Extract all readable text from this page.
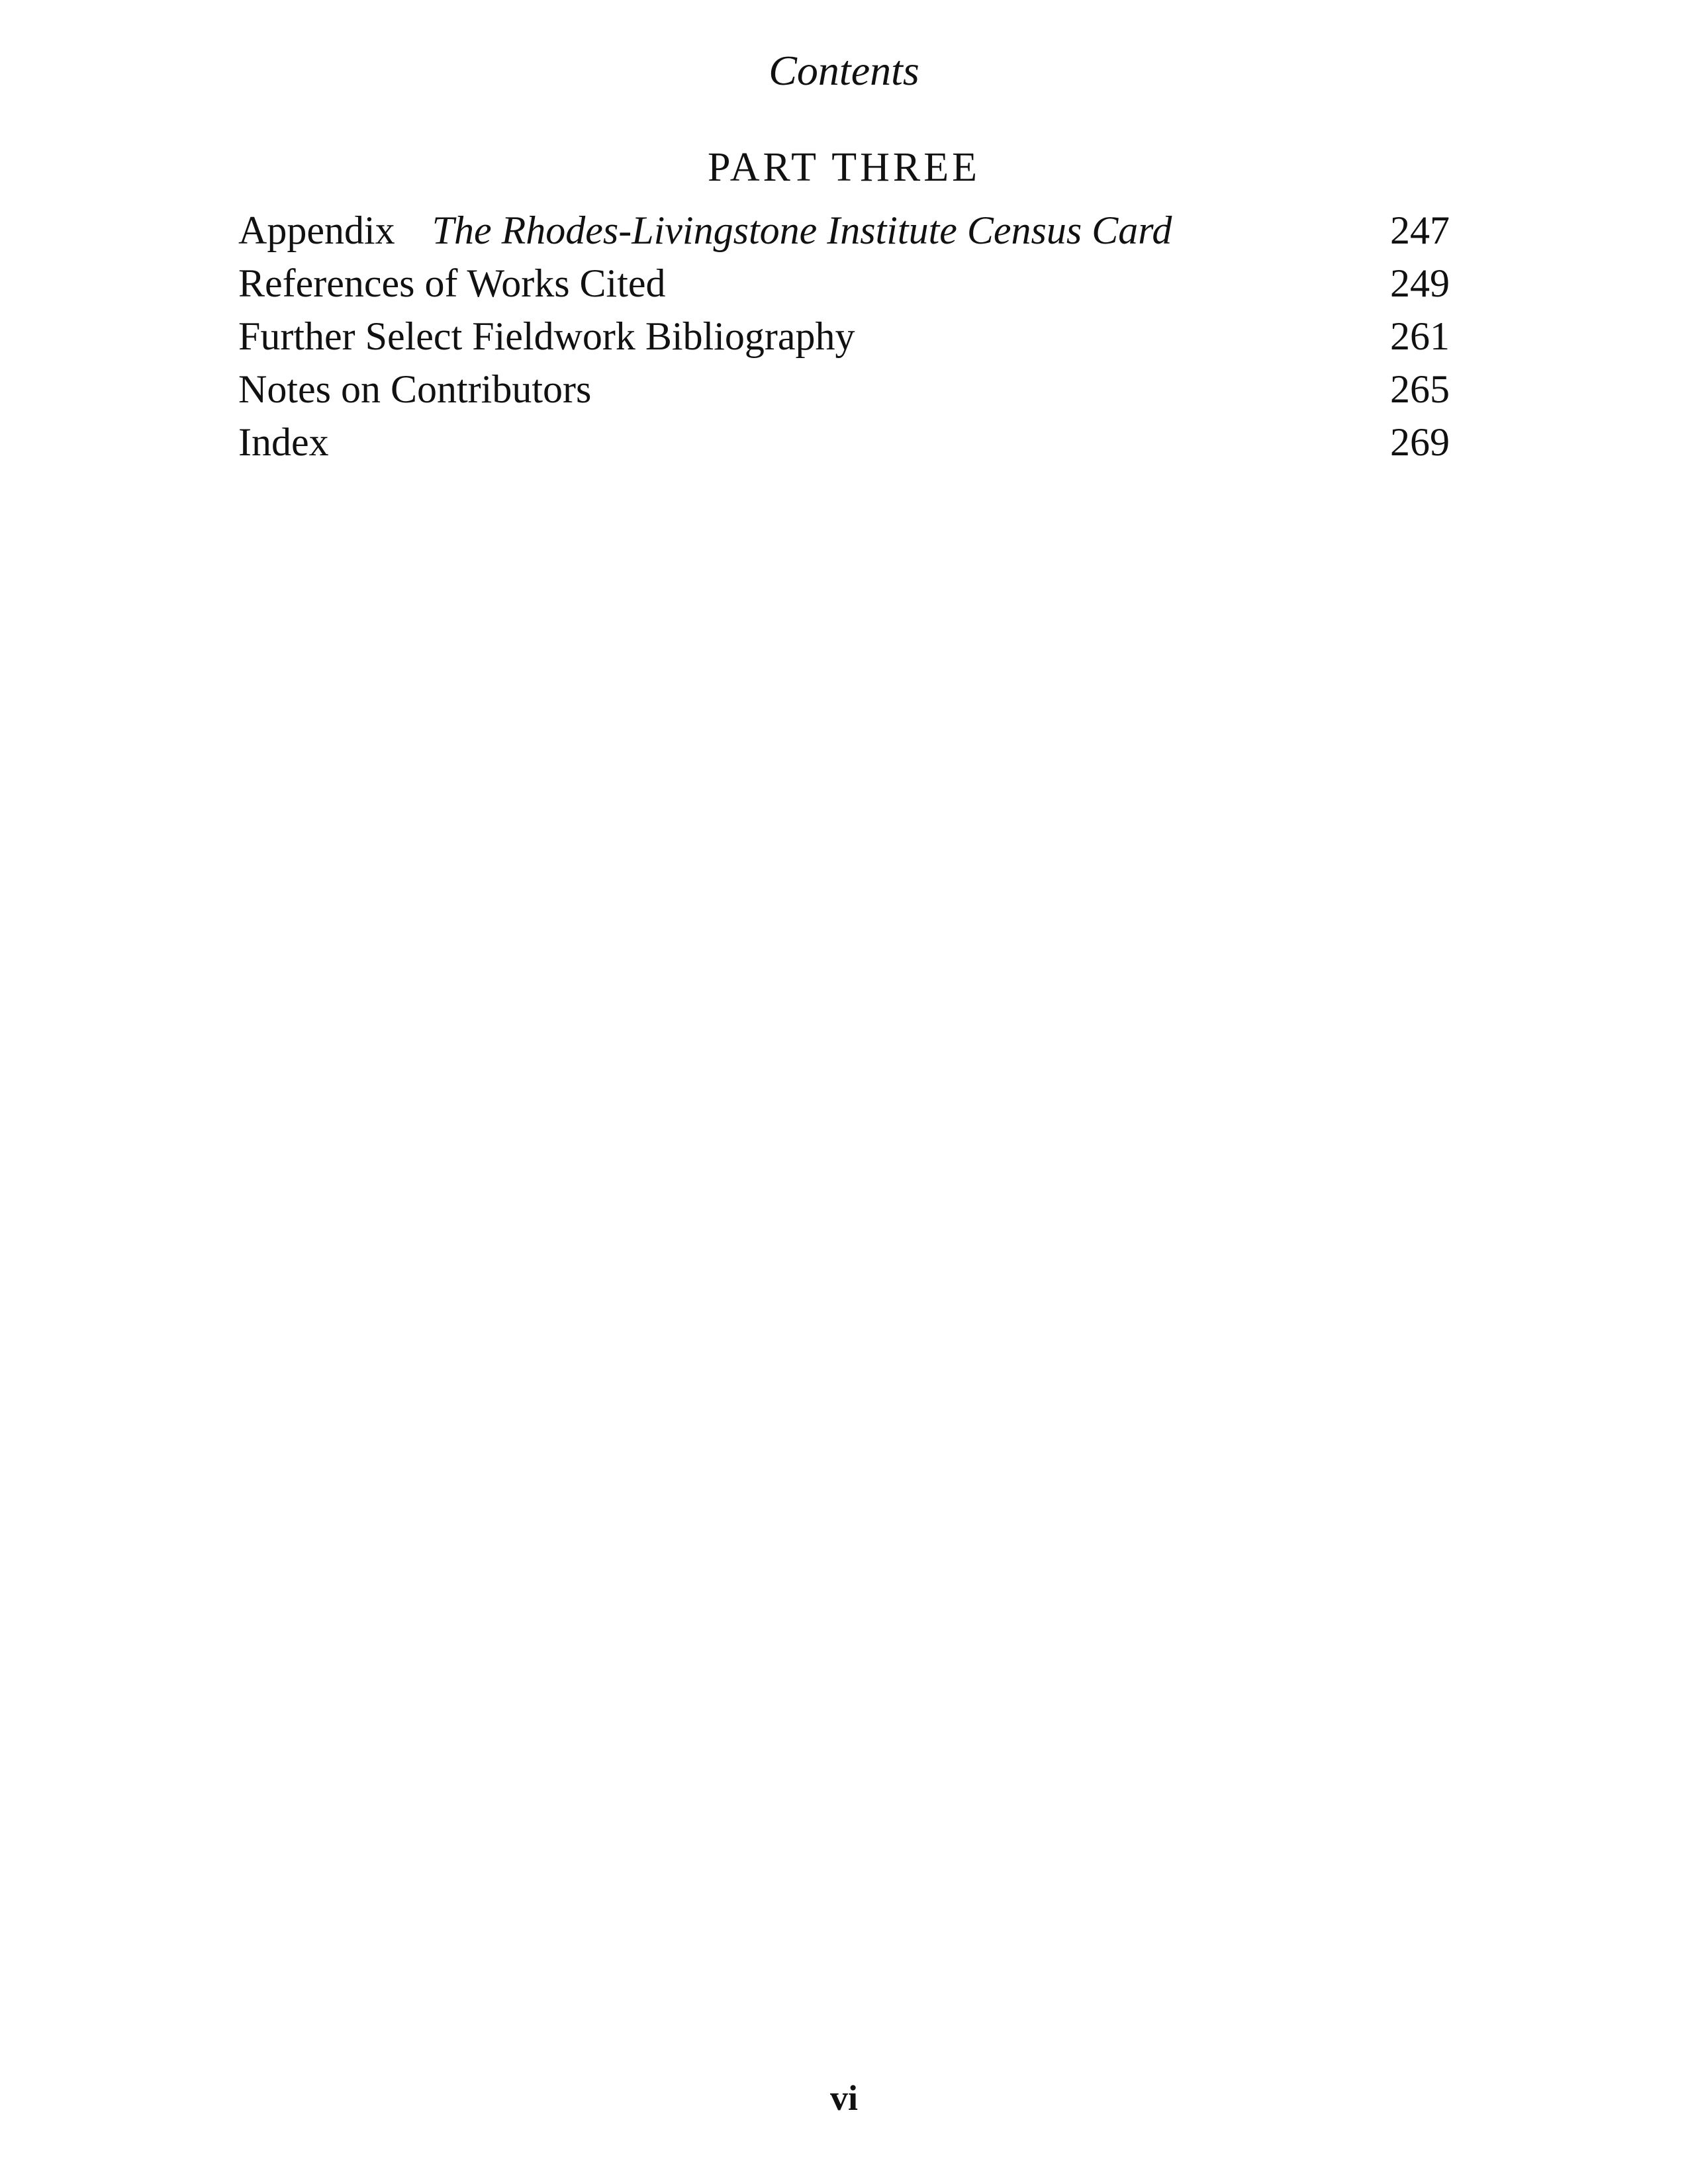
Contents
PART THREE
Appendix The Rhodes-Livingstone Institute Census Card	247
References of Works Cited	249
Further Select Fieldwork Bibliography	261
Notes on Contributors	265
Index	269
vi
